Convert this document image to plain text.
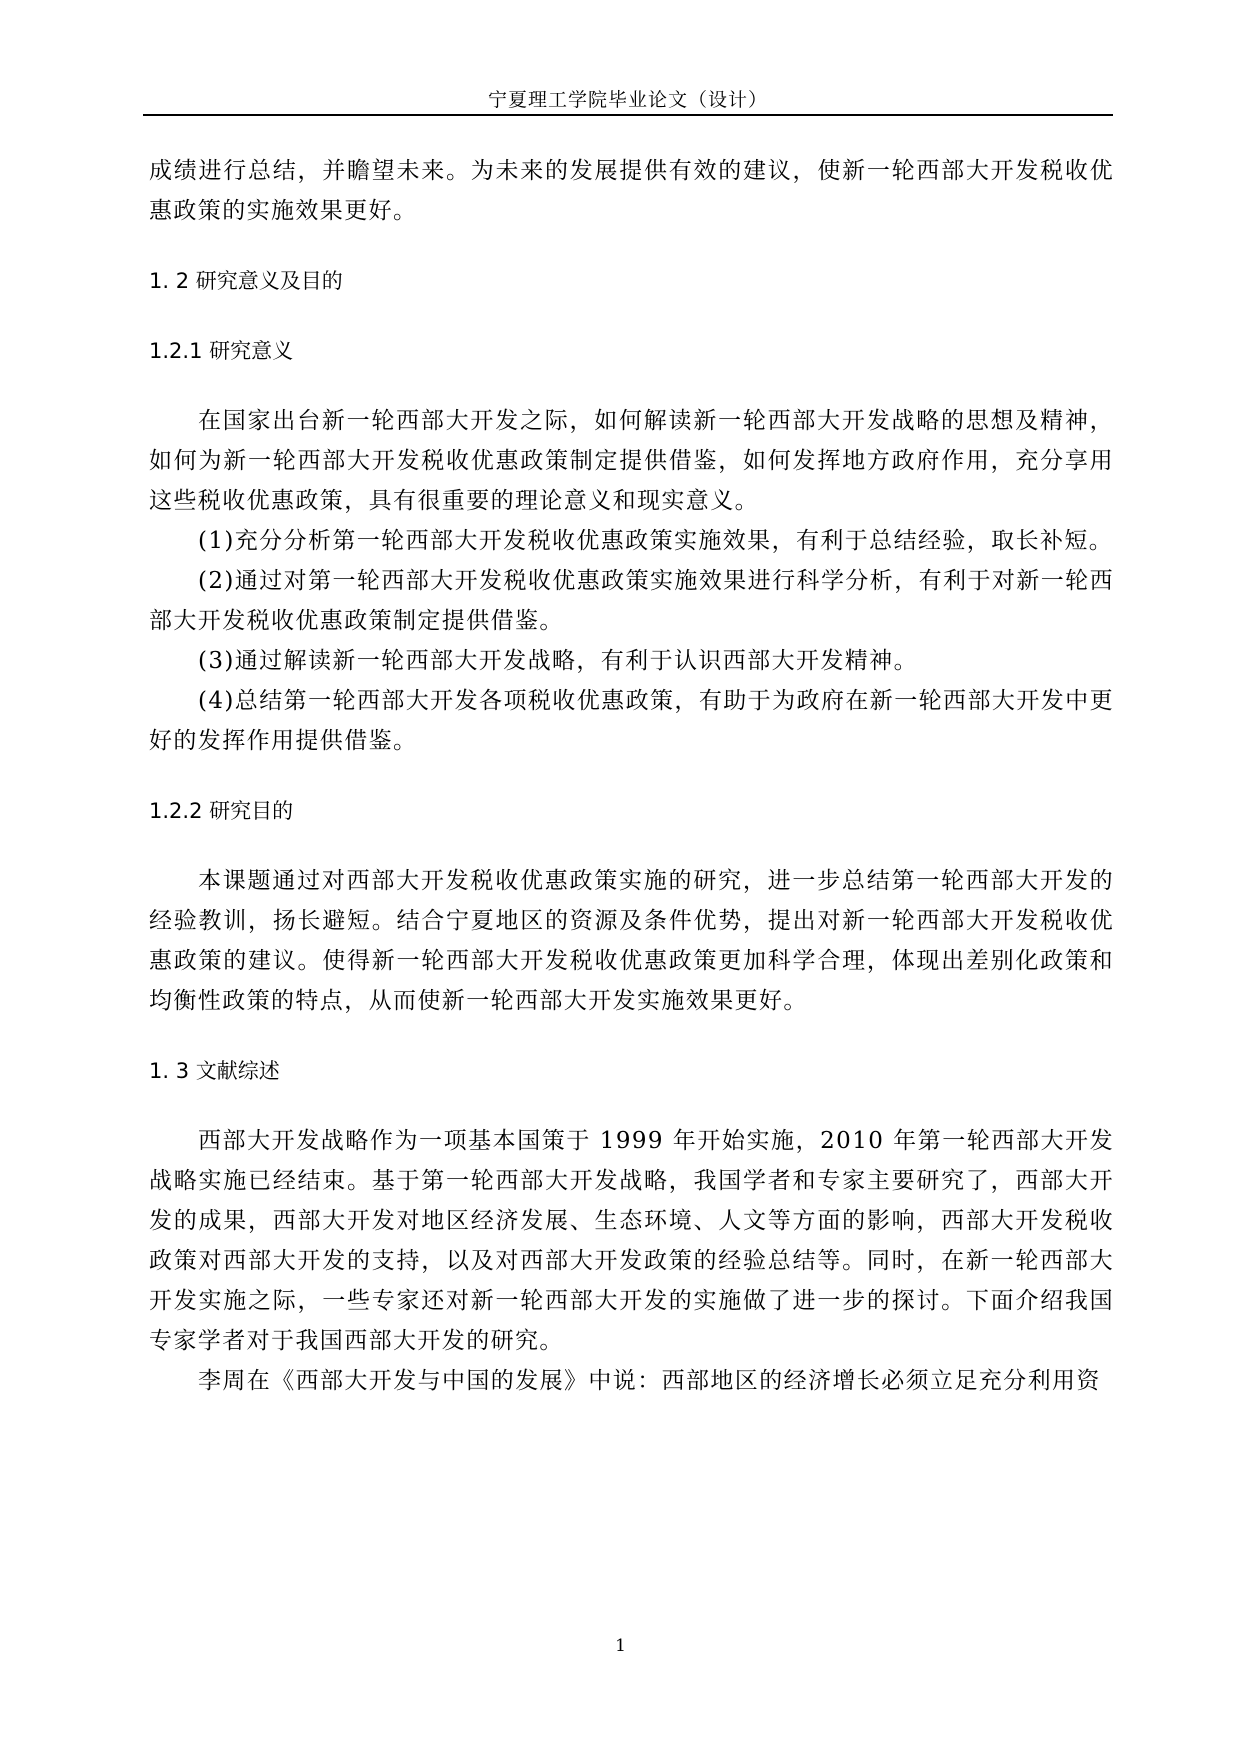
宁夏理工学院毕业论文（设计）

成绩进行总结，并瞻望未来。为未来的发展提供有效的建议，使新一轮西部大开发税收优惠政策的实施效果更好。

1. 2 研究意义及目的
1.2.1 研究意义

在国家出台新一轮西部大开发之际，如何解读新一轮西部大开发战略的思想及精神，如何为新一轮西部大开发税收优惠政策制定提供借鉴，如何发挥地方政府作用，充分享用这些税收优惠政策，具有很重要的理论意义和现实意义。

(1)充分分析第一轮西部大开发税收优惠政策实施效果，有利于总结经验，取长补短。

(2)通过对第一轮西部大开发税收优惠政策实施效果进行科学分析，有利于对新一轮西部大开发税收优惠政策制定提供借鉴。

(3)通过解读新一轮西部大开发战略，有利于认识西部大开发精神。

(4)总结第一轮西部大开发各项税收优惠政策，有助于为政府在新一轮西部大开发中更好的发挥作用提供借鉴。

1.2.2 研究目的

本课题通过对西部大开发税收优惠政策实施的研究，进一步总结第一轮西部大开发的经验教训，扬长避短。结合宁夏地区的资源及条件优势，提出对新一轮西部大开发税收优惠政策的建议。使得新一轮西部大开发税收优惠政策更加科学合理，体现出差别化政策和均衡性政策的特点，从而使新一轮西部大开发实施效果更好。

1. 3 文献综述

西部大开发战略作为一项基本国策于 1999 年开始实施，2010 年第一轮西部大开发战略实施已经结束。基于第一轮西部大开发战略，我国学者和专家主要研究了，西部大开发的成果，西部大开发对地区经济发展、生态环境、人文等方面的影响，西部大开发税收政策对西部大开发的支持，以及对西部大开发政策的经验总结等。同时，在新一轮西部大开发实施之际，一些专家还对新一轮西部大开发的实施做了进一步的探讨。下面介绍我国专家学者对于我国西部大开发的研究。

李周在《西部大开发与中国的发展》中说：西部地区的经济增长必须立足充分利用资

1
